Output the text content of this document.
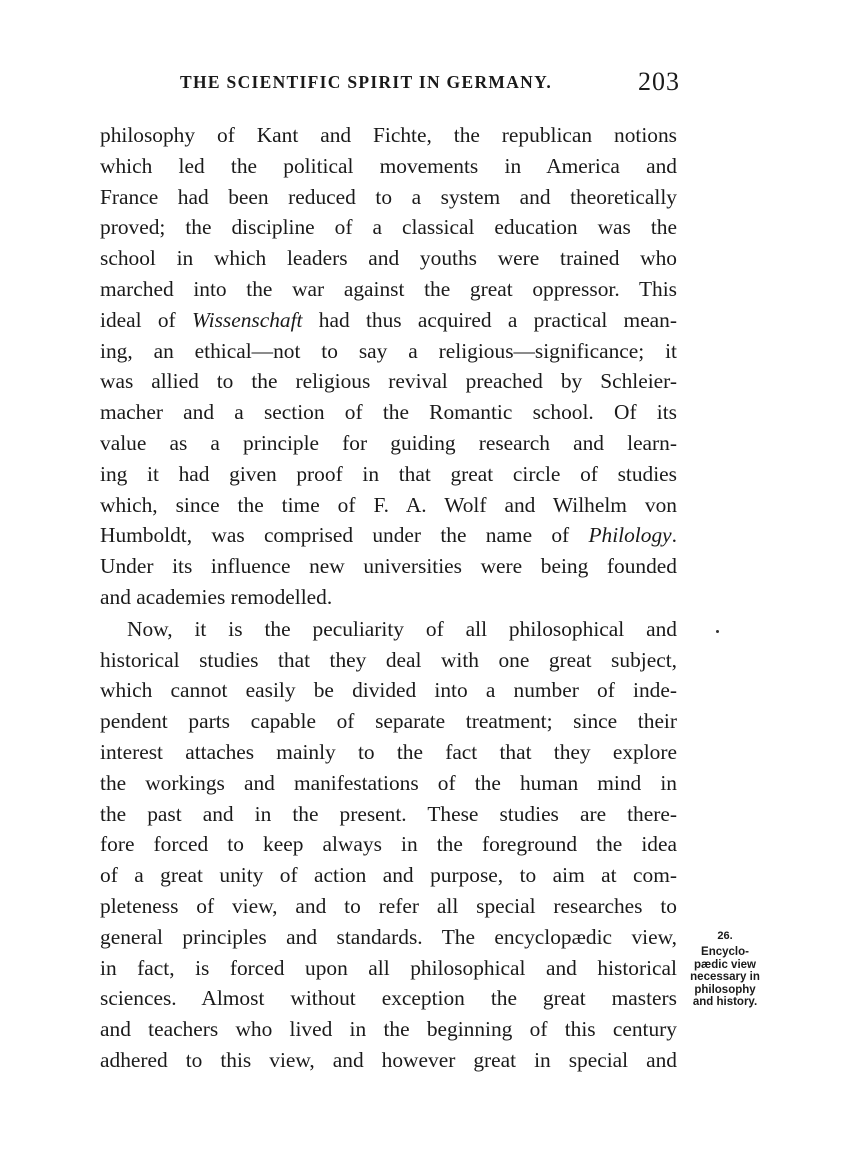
THE SCIENTIFIC SPIRIT IN GERMANY.	203
philosophy of Kant and Fichte, the republican notions
which led the political movements in America and
France had been reduced to a system and theoretically
proved; the discipline of a classical education was the
school in which leaders and youths were trained who
marched into the war against the great oppressor. This
ideal of Wissenschaft had thus acquired a practical mean-
ing, an ethical—not to say a religious—significance; it
was allied to the religious revival preached by Schleier-
macher and a section of the Romantic school. Of its
value as a principle for guiding research and learn-
ing it had given proof in that great circle of studies
which, since the time of F. A. Wolf and Wilhelm von
Humboldt, was comprised under the name of Philology.
Under its influence new universities were being founded
and academies remodelled.
Now, it is the peculiarity of all philosophical and
historical studies that they deal with one great subject,
which cannot easily be divided into a number of inde-
pendent parts capable of separate treatment; since their
interest attaches mainly to the fact that they explore
the workings and manifestations of the human mind in
the past and in the present. These studies are there-
fore forced to keep always in the foreground the idea
of a great unity of action and purpose, to aim at com-
pleteness of view, and to refer all special researches to
general principles and standards. The encyclopædic view,
in fact, is forced upon all philosophical and historical
sciences. Almost without exception the great masters
and teachers who lived in the beginning of this century
adhered to this view, and however great in special and
26.
Encyclo-
pædic view
necessary in
philosophy
and history.
